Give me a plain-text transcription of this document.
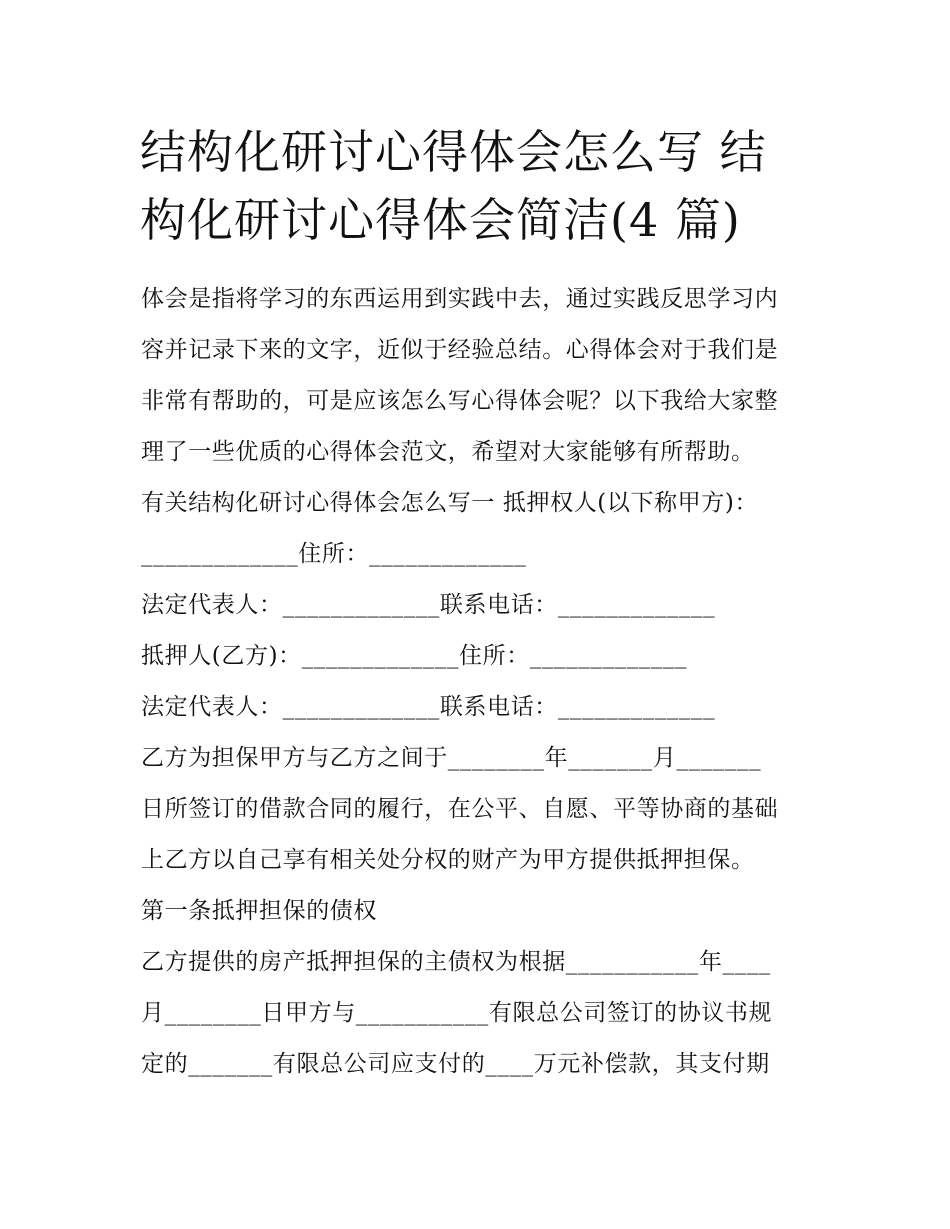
结构化研讨心得体会怎么写 结
构化研讨心得体会简洁(4 篇)

体会是指将学习的东西运用到实践中去，通过实践反思学习内

容并记录下来的文字，近似于经验总结。心得体会对于我们是

非常有帮助的，可是应该怎么写心得体会呢？以下我给大家整

理了一些优质的心得体会范文，希望对大家能够有所帮助。

有关结构化研讨心得体会怎么写一 抵押权人(以下称甲方)：

_____________住所：_____________

法定代表人：_____________联系电话：_____________

抵押人(乙方)：_____________住所：_____________

法定代表人：_____________联系电话：_____________

乙方为担保甲方与乙方之间于________年_______月_______

日所签订的借款合同的履行，在公平、自愿、平等协商的基础

上乙方以自己享有相关处分权的财产为甲方提供抵押担保。

第一条抵押担保的债权

乙方提供的房产抵押担保的主债权为根据___________年____

月________日甲方与___________有限总公司签订的协议书规

定的_______有限总公司应支付的____万元补偿款，其支付期
